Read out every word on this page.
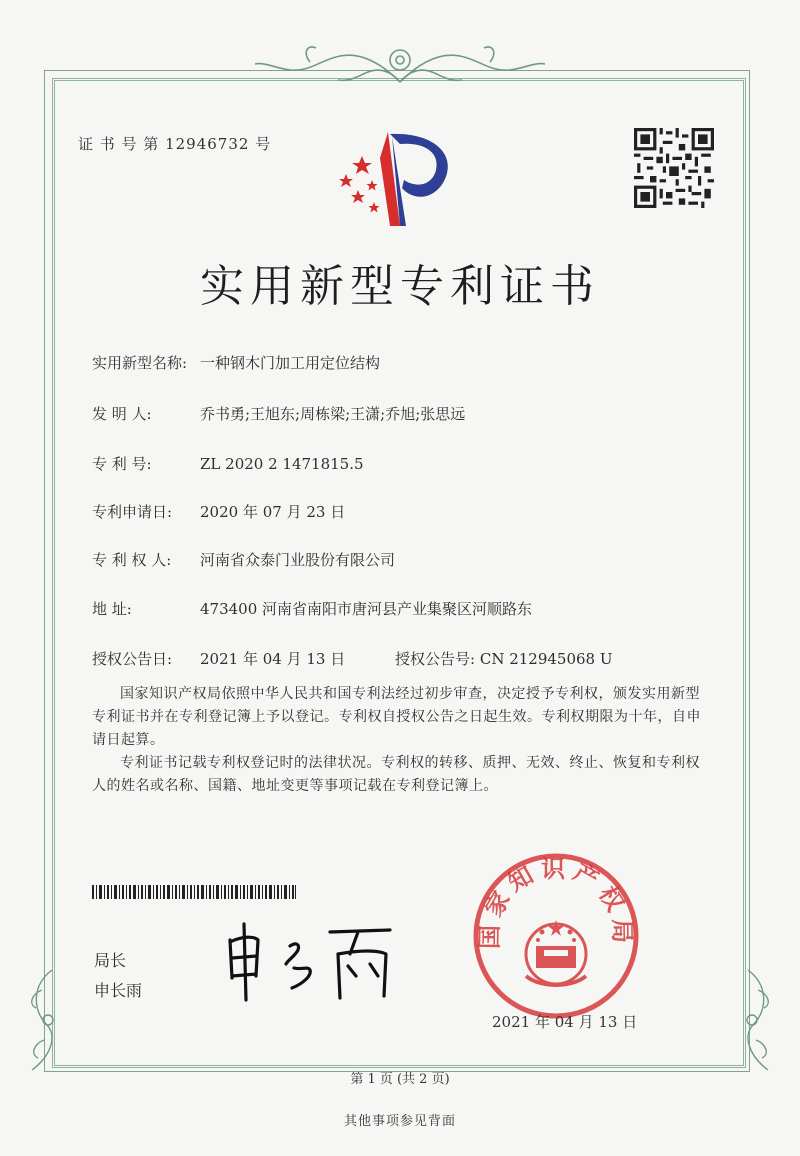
证 书 号 第 12946732 号
实用新型专利证书
实用新型名称: 一种钢木门加工用定位结构
发 明 人:	乔书勇;王旭东;周栋梁;王潇;乔旭;张思远
专 利 号:	ZL 2020 2 1471815.5
专利申请日: 2020 年 07 月 23 日
专 利 权 人: 河南省众泰门业股份有限公司
地 址:	473400 河南省南阳市唐河县产业集聚区河顺路东
授权公告日: 2021 年 04 月 13 日	授权公告号: CN 212945068 U
国家知识产权局依照中华人民共和国专利法经过初步审查，决定授予专利权，颁发实用新型专利证书并在专利登记簿上予以登记。专利权自授权公告之日起生效。专利权期限为十年，自申请日起算。
专利证书记载专利权登记时的法律状况。专利权的转移、质押、无效、终止、恢复和专利权人的姓名或名称、国籍、地址变更等事项记载在专利登记簿上。
局长
申长雨
国家知识产权局
2021 年 04 月 13 日
第 1 页 (共 2 页)
其他事项参见背面
